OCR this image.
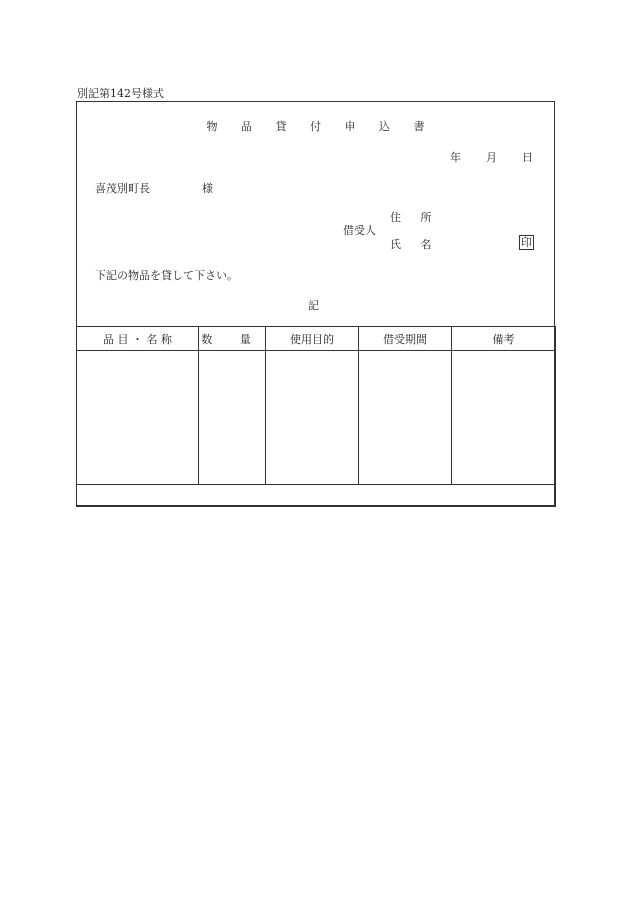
別記第142号様式
物 品 貸 付 申 込 書
年 月 日
喜茂別町長	様
借受人
住 所
氏 名	印
下記の物品を貸して下さい。
記
品 目 ・ 名 称	数 量	使用目的	借受期間	備考
